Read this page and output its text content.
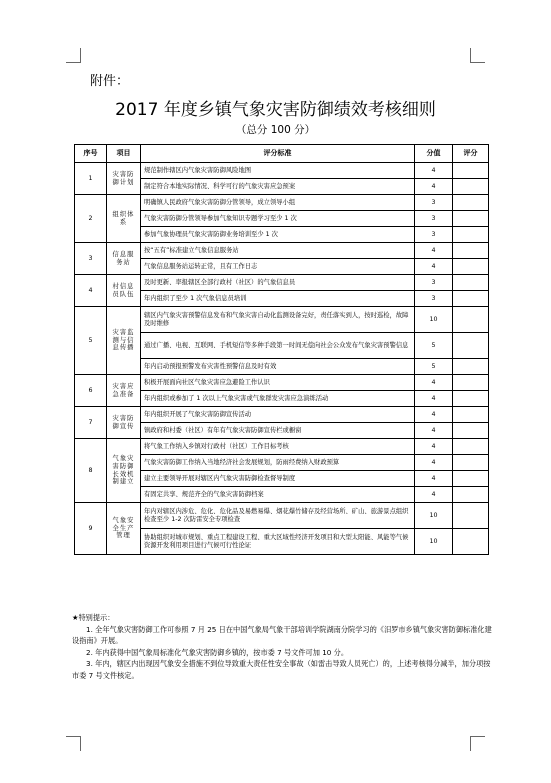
附件：
2017 年度乡镇气象灾害防御绩效考核细则
（总分 100 分）
序号	项目	评分标准	分值	评分
1	灾害防御计划	规范制作辖区内气象灾害防御风险地图	4	
		制定符合本地实际情况、科学可行的气象灾害应急预案	4	
2	组织体系	明确镇人民政府气象灾害防御分管领导，成立领导小组	3	
		气象灾害防御分管领导参加气象知识专题学习至少 1 次	3	
		参加气象协理员气象灾害防御业务培训至少 1 次	3	
3	信息服务站	按“五有”标准建立气象信息服务站	4	
		气象信息服务站运转正常，且有工作日志	4	
4	村信息员队伍	及时更新、率报辖区全部行政村（社区）的气象信息员	3	
		年内组织了至少 1 次气象信息员培训	3	
5	灾害监测与信息传播	辖区内气象灾害预警信息发布和气象灾害自动化监测设备完好，责任落实到人，按时巡检，故障及时维修	10	
		通过广播、电视、互联网、手机短信等多种手段第一时间无偿向社会公众发布气象灾害预警信息	5	
		年内启动预报预警发布灾害性预警信息及时有效	5	
6	灾害应急准备	积极开展面向社区气象灾害应急避险工作认识	4	
		年内组织或参加了 1 次以上气象灾害或气象群发灾害应急演练活动	4	
7	灾害防御宣传	年内组织开展了气象灾害防御宣传活动	4	
		镇政府和村委（社区）有年有气象灾害防御宣传栏或橱窗	4	
8	气象灾害防御长效机制建立	将气象工作纳入乡镇对行政村（社区）工作目标考核	4	
		气象灾害防御工作纳入当地经济社会发展规划，防雨经费纳入财政预算	4	
		建立主要领导开展对辖区内气象灾害防御检查督导制度	4	
		有固定共享、规范齐全的气象灾害防御档案	4	
9	气象安全生产管理	年内对辖区内涉危、危化、危化品及易燃易爆、烟花爆竹储存及经营场所、矿山、旅游景点组织检查至少 1-2 次防雷安全专项检查	10	
		协助组织对城市规划、重点工程建设工程、重大区域性经济开发项目和大型太阳能、风能等气候资源开发利用项目进行气候可行性论证	10	

★特别提示：

1. 全年气象灾害防御工作可参照 7 月 25 日在中国气象局气象干部培训学院湖南分院学习的《汨罗市乡镇气象灾害防御标准化建设指南》开展。

2. 年内获得中国气象局标准化气象灾害防御乡镇的，按市委 7 号文件可加 10 分。

3. 年内，辖区内出现因气象安全措施不到位导致重大责任性安全事故（如雷击导致人员死亡）的，上述考核得分减半，加分项按市委 7 号文件核定。
